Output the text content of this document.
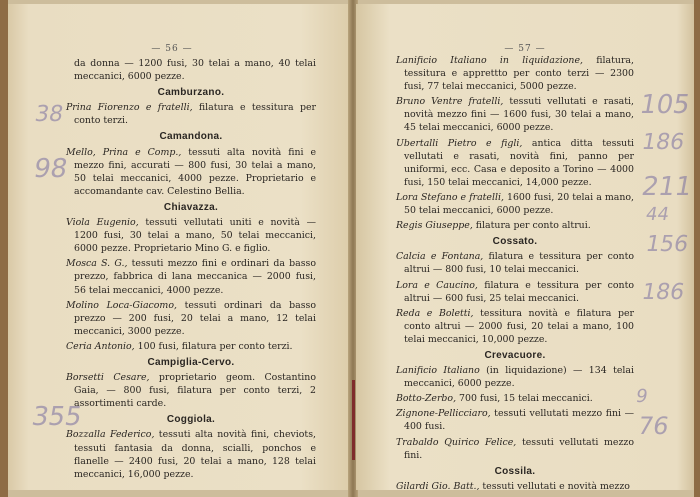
— 56 —
da donna — 1200 fusi, 30 telai a mano, 40 telai meccanici, 6000 pezze.
Camburzano.
Prina Fiorenzo e fratelli, filatura e tessitura per conto terzi.
Camandona.
Mello, Prina e Comp., tessuti alta novità fini e mezzo fini, accurati — 800 fusi, 30 telai a mano, 50 telai meccanici, 4000 pezze. Proprietario e accomandante cav. Celestino Bellia.
Chiavazza.
Viola Eugenio, tessuti vellutati uniti e novità — 1200 fusi, 30 telai a mano, 50 telai meccanici, 6000 pezze. Proprietario Mino G. e figlio.
Mosca S. G., tessuti mezzo fini e ordinari da basso prezzo, fabbrica di lana meccanica — 2000 fusi, 56 telai meccanici, 4000 pezze.
Molino Loca-Giacomo, tessuti ordinari da basso prezzo — 200 fusi, 20 telai a mano, 12 telai meccanici, 3000 pezze.
Ceria Antonio, 100 fusi, filatura per conto terzi.
Campiglia-Cervo.
Borsetti Cesare, proprietario geom. Costantino Gaia, — 800 fusi, filatura per conto terzi, 2 assortimenti carde.
Coggiola.
Bozzalla Federico, tessuti alta novità fini, cheviots, tessuti fantasia da donna, scialli, ponchos e flanelle — 2400 fusi, 20 telai a mano, 128 telai meccanici, 16,000 pezze.
38
98
355
— 57 —
Lanificio Italiano in liquidazione, filatura, tessitura e apprettto per conto terzi — 2300 fusi, 77 telai meccanici, 5000 pezze.
Bruno Ventre fratelli, tessuti vellutati e rasati, novità mezzo fini — 1600 fusi, 30 telai a mano, 45 telai meccanici, 6000 pezze.
Ubertalli Pietro e figli, antica ditta tessuti vellutati e rasati, novità fini, panno per uniformi, ecc. Casa e deposito a Torino — 4000 fusi, 150 telai meccanici, 14,000 pezze.
Lora Stefano e fratelli, 1600 fusi, 20 telai a mano, 50 telai meccanici, 6000 pezze.
Regis Giuseppe, filatura per conto altrui.
Cossato.
Calcia e Fontana, filatura e tessitura per conto altrui — 800 fusi, 10 telai meccanici.
Lora e Caucino, filatura e tessitura per conto altrui — 600 fusi, 25 telai meccanici.
Reda e Boletti, tessitura novità e filatura per conto altrui — 2000 fusi, 20 telai a mano, 100 telai meccanici, 10,000 pezze.
Crevacuore.
Lanificio Italiano (in liquidazione) — 134 telai meccanici, 6000 pezze.
Botto-Zerbo, 700 fusi, 15 telai meccanici.
Zignone-Pellicciaro, tessuti vellutati mezzo fini — 400 fusi.
Trabaldo Quirico Felice, tessuti vellutati mezzo fini.
Cossila.
Gilardi Gio. Batt., tessuti vellutati e novità mezzo
105
186
211
44
156
186
9
76
